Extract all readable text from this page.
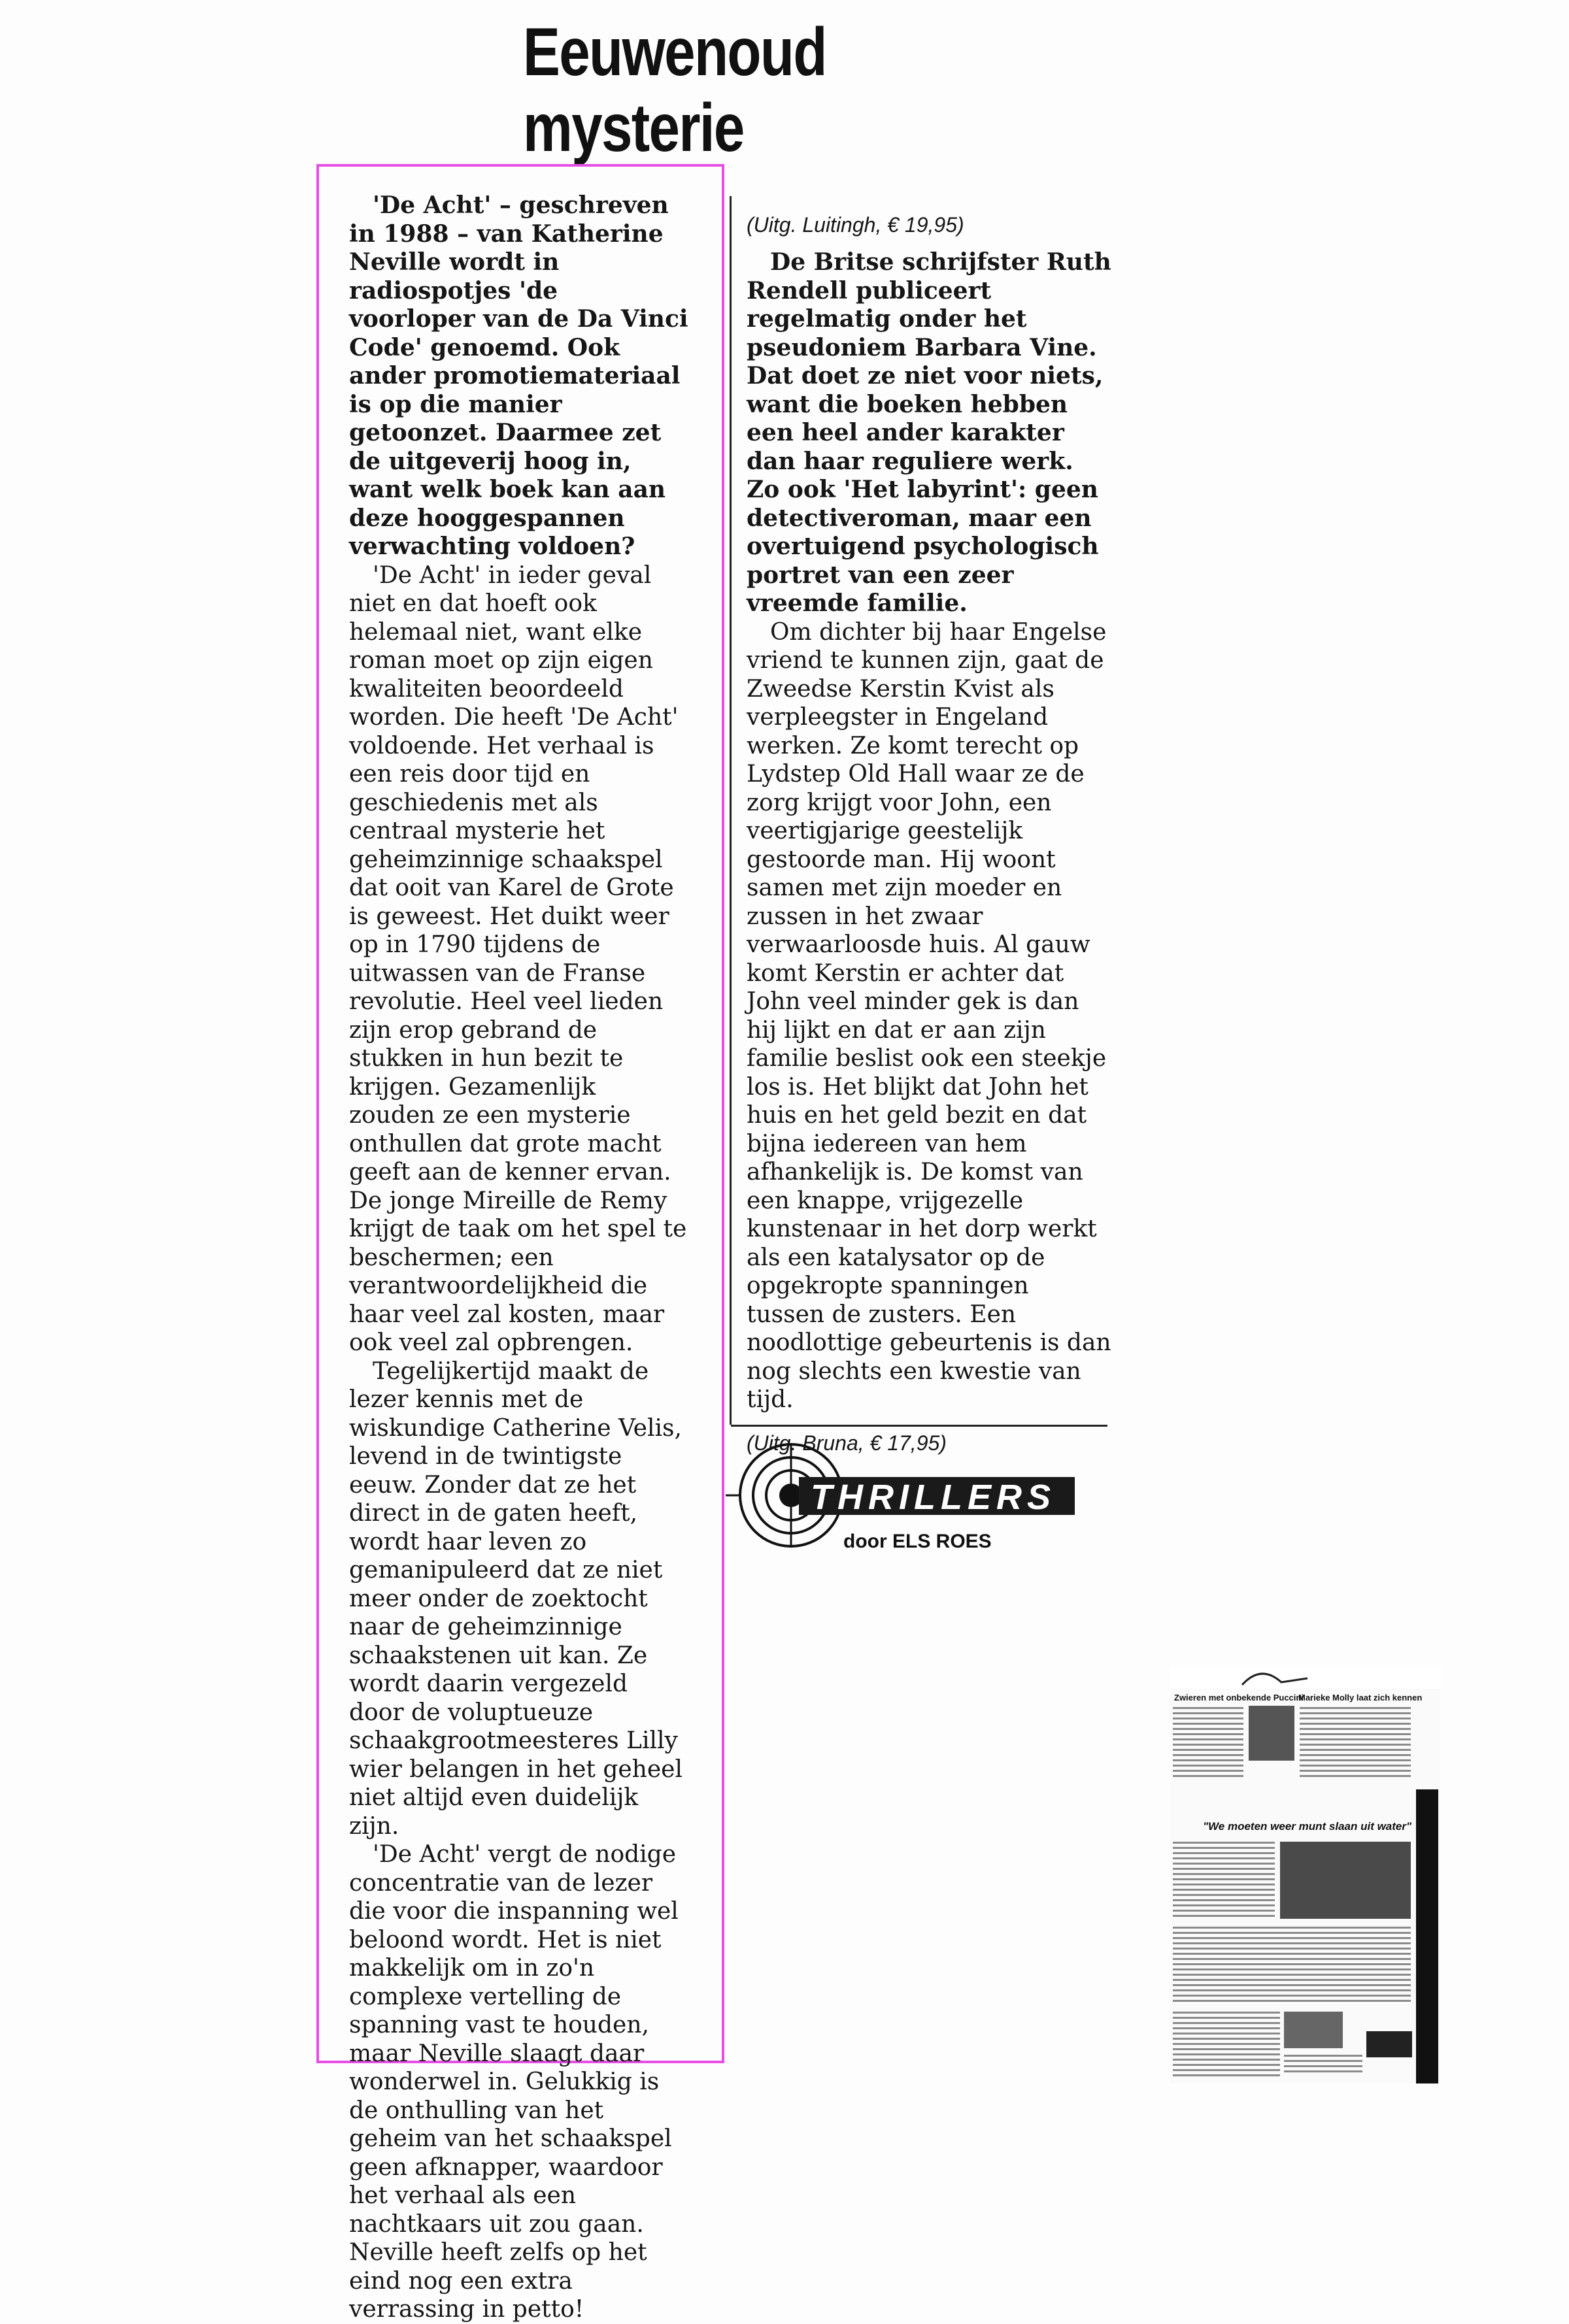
Eeuwenoud
mysterie

'De Acht' – geschreven in 1988 – van Katherine Neville wordt in radiospotjes 'de voorloper van de Da Vinci Code' genoemd. Ook ander promotiemateriaal is op die manier getoonzet. Daarmee zet de uitgeverij hoog in, want welk boek kan aan deze hooggespannen verwachting voldoen?

'De Acht' in ieder geval niet en dat hoeft ook helemaal niet, want elke roman moet op zijn eigen kwaliteiten beoordeeld worden. Die heeft 'De Acht' voldoende. Het verhaal is een reis door tijd en geschiedenis met als centraal mysterie het geheimzinnige schaakspel dat ooit van Karel de Grote is geweest. Het duikt weer op in 1790 tijdens de uitwassen van de Franse revolutie. Heel veel lieden zijn erop gebrand de stukken in hun bezit te krijgen. Gezamenlijk zouden ze een mysterie onthullen dat grote macht geeft aan de kenner ervan. De jonge Mireille de Remy krijgt de taak om het spel te beschermen; een verantwoordelijkheid die haar veel zal kosten, maar ook veel zal opbrengen.

Tegelijkertijd maakt de lezer kennis met de wiskundige Catherine Velis, levend in de twintigste eeuw. Zonder dat ze het direct in de gaten heeft, wordt haar leven zo gemanipuleerd dat ze niet meer onder de zoektocht naar de geheimzinnige schaakstenen uit kan. Ze wordt daarin vergezeld door de voluptueuze schaakgrootmeesteres Lilly wier belangen in het geheel niet altijd even duidelijk zijn.

'De Acht' vergt de nodige concentratie van de lezer die voor die inspanning wel beloond wordt. Het is niet makkelijk om in zo'n complexe vertelling de spanning vast te houden, maar Neville slaagt daar wonderwel in. Gelukkig is de onthulling van het geheim van het schaakspel geen afknapper, waardoor het verhaal als een nachtkaars uit zou gaan. Neville heeft zelfs op het eind nog een extra verrassing in petto!

(Uitg. Luitingh, € 19,95)

De Britse schrijfster Ruth Rendell publiceert regelmatig onder het pseudoniem Barbara Vine. Dat doet ze niet voor niets, want die boeken hebben een heel ander karakter dan haar reguliere werk. Zo ook 'Het labyrint': geen detectiveroman, maar een overtuigend psychologisch portret van een zeer vreemde familie.

Om dichter bij haar Engelse vriend te kunnen zijn, gaat de Zweedse Kerstin Kvist als verpleegster in Engeland werken. Ze komt terecht op Lydstep Old Hall waar ze de zorg krijgt voor John, een veertigjarige geestelijk gestoorde man. Hij woont samen met zijn moeder en zussen in het zwaar verwaarloosde huis. Al gauw komt Kerstin er achter dat John veel minder gek is dan hij lijkt en dat er aan zijn familie beslist ook een steekje los is. Het blijkt dat John het huis en het geld bezit en dat bijna iedereen van hem afhankelijk is. De komst van een knappe, vrijgezelle kunstenaar in het dorp werkt als een katalysator op de opgekropte spanningen tussen de zusters. Een noodlottige gebeurtenis is dan nog slechts een kwestie van tijd.

(Uitg. Bruna, € 17,95)

THRILLERS
door ELS ROES
Zwieren met onbekende Puccini
Marieke Molly laat zich kennen
"We moeten weer munt slaan uit water"
